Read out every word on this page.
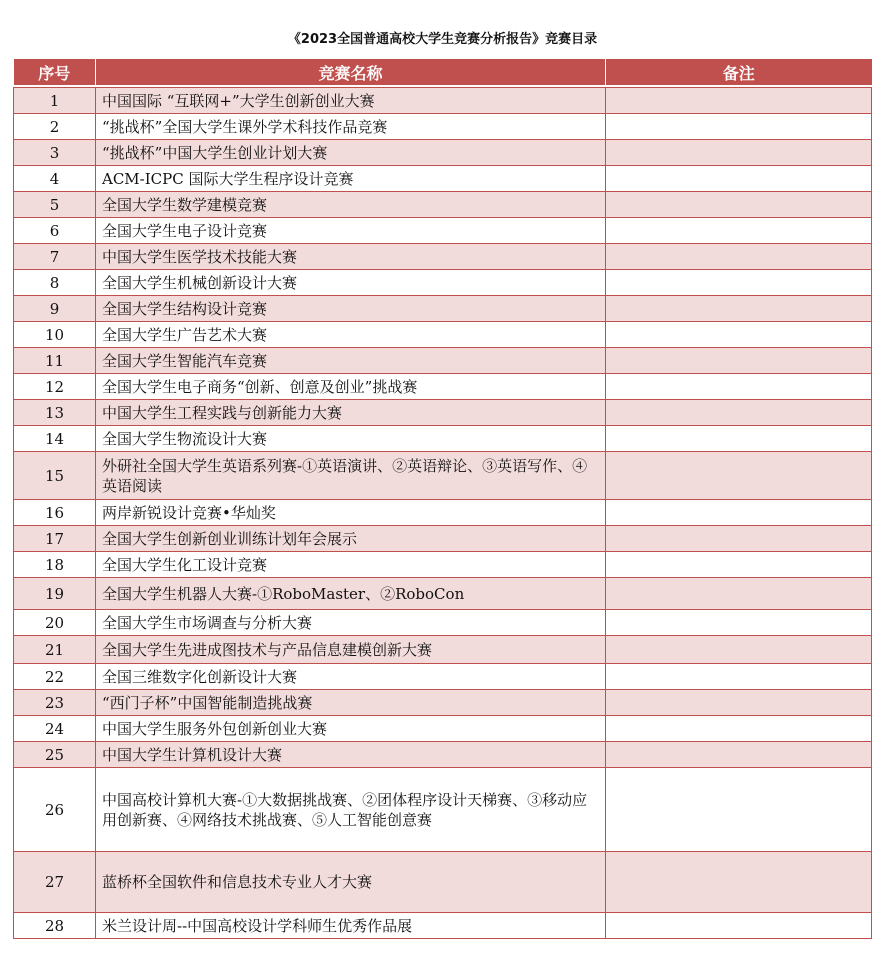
《2023全国普通高校大学生竞赛分析报告》竞赛目录
序号	竞赛名称	备注

1	中国国际 “互联网+”大学生创新创业大赛	
2	“挑战杯”全国大学生课外学术科技作品竞赛	
3	“挑战杯”中国大学生创业计划大赛	
4	ACM-ICPC 国际大学生程序设计竞赛	
5	全国大学生数学建模竞赛	
6	全国大学生电子设计竞赛	
7	中国大学生医学技术技能大赛	
8	全国大学生机械创新设计大赛	
9	全国大学生结构设计竞赛	
10	全国大学生广告艺术大赛	
11	全国大学生智能汽车竞赛	
12	全国大学生电子商务“创新、创意及创业”挑战赛	
13	中国大学生工程实践与创新能力大赛	
14	全国大学生物流设计大赛	
15	外研社全国大学生英语系列赛-①英语演讲、②英语辩论、③英语写作、④英语阅读	
16	两岸新锐设计竞赛•华灿奖	
17	全国大学生创新创业训练计划年会展示	
18	全国大学生化工设计竞赛	
19	全国大学生机器人大赛-①RoboMaster、②RoboCon	
20	全国大学生市场调查与分析大赛	
21	全国大学生先进成图技术与产品信息建模创新大赛	
22	全国三维数字化创新设计大赛	
23	“西门子杯”中国智能制造挑战赛	
24	中国大学生服务外包创新创业大赛	
25	中国大学生计算机设计大赛	
26	中国高校计算机大赛-①大数据挑战赛、②团体程序设计天梯赛、③移动应用创新赛、④网络技术挑战赛、⑤人工智能创意赛	
27	蓝桥杯全国软件和信息技术专业人才大赛	
28	米兰设计周--中国高校设计学科师生优秀作品展	
